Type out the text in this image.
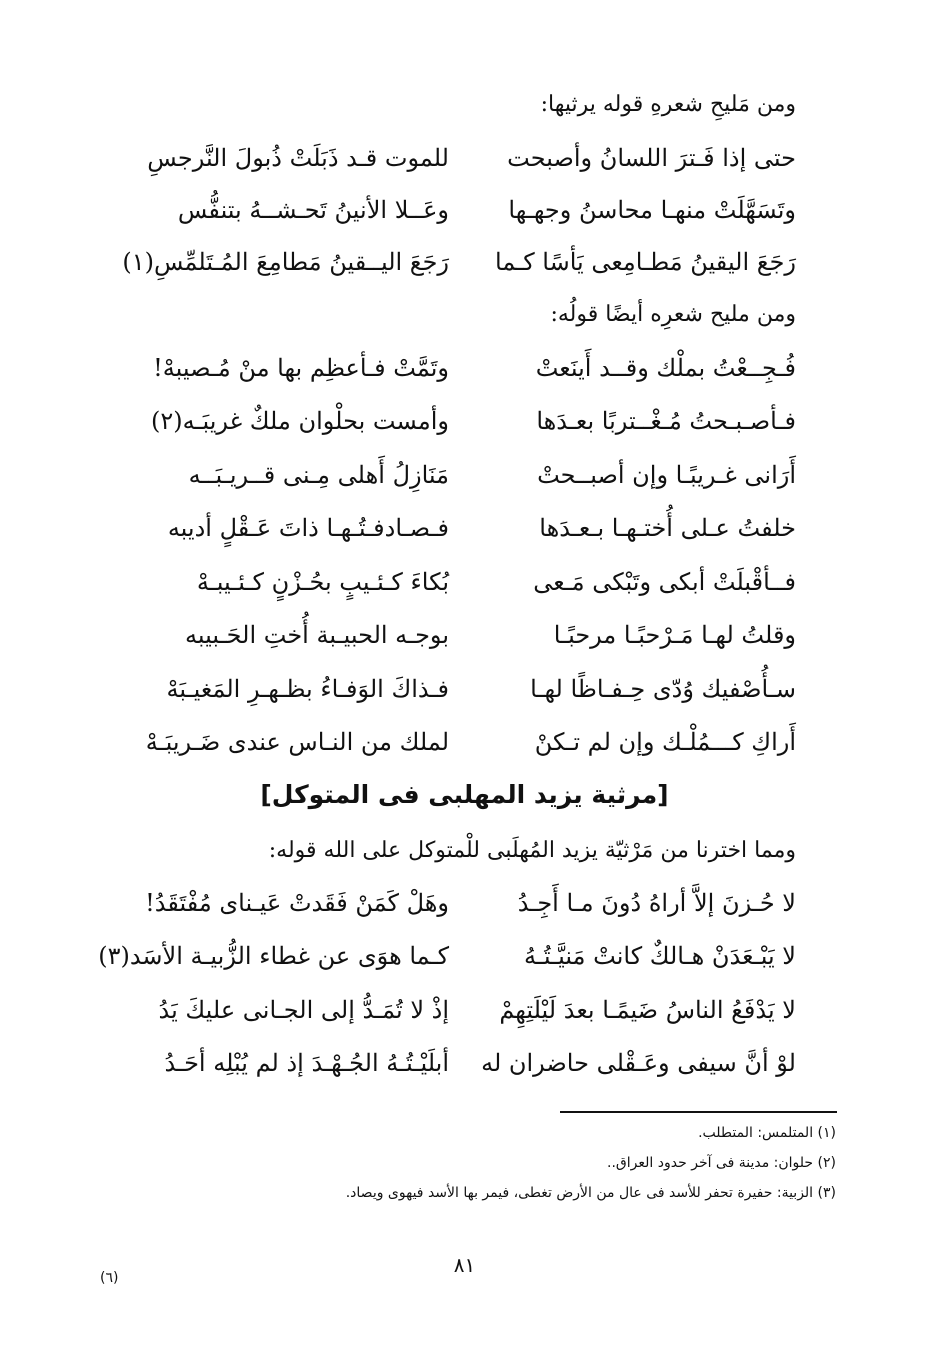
ومن مَليحِ شعرهِ قوله يرثيها:
حتى إذا فَـترَ اللسانُ وأصبحت
للموت قـد ذَبَلَتْ ذُبولَ النَّرجسِ
وتَسَهَّلَتْ منهـا محاسنُ وجهـها
وعَــلا الأنينُ تَحـشــهُ بتنفُّس
رَجَعَ اليقينُ مَطـامِعى يَأسًا كـما
رَجَعَ اليــقينُ مَطامِعَ المُـتَلمِّسِ(١)
ومن مليح شعرِه أيضًا قولُه:
فُـجِــعْتُ بملْك وقــد أَينَعتْ
وتَمَّتْ فـأعظِم بها منْ مُـصيبهْ!
فـأصـبـحتُ مُـغْــتربًا بعـدَها
وأمست بحلْوان ملكٌ غريبَـه(٢)
أَرَانى غـريبًـا وإن أصبــحتْ
مَنَازِلُ أَهلى مِـنى قــريـبَــه
خلفتُ عـلى أُختـهـا بـعـدَها
فـصـادفـتُـهـا ذاتَ عَـقْلٍ أديبه
فــأقْبلَتْ أبكى وتَبْكى مَـعى
بُكاءَ كـئـيبٍ بحُـزْنٍ كـئـيبـهْ
وقلتُ لهـا مَـرْحبًـا مرحبًـا
بوجـه الحبيـبة أُختِ الحَـبيبه
سـأُصْفيك وُدّى حِـفـاظًا لهـا
فـذاكَ الوَفـاءُ بظـهـرِ المَغيـبَهْ
أَراكِ كـــمُلْـك وإن لم تـكنْ
لملك من النـاس عندى ضَـريبَـهْ
[مرثية يزيد المهلبى فى المتوكل]
ومما اخترنا من مَرْثيّة يزيد المُهلَبى للْمتوكل على الله قوله:
لا حُـزنَ إلاَّ أراهُ دُونَ مـا أَجِـدُ
وهَلْ كَمَنْ فَقَدتْ عَيـناى مُفْتَقَدُ!
لا يَبْـعَدَنْ هـالكٌ كانتْ مَنيَّـتُـهُ
كـما هوَى عن غطاء الزُّبيـة الأسَد(٣)
لا يَدْفَعُ الناسُ ضَيمًـا بعدَ لَيْلَتِهِمْ
إذْ لا تُمَـدُّ إلى الجـانى عليكَ يَدُ
لوْ أنَّ سيفى وعَـقْلى حاضران له
أبلَيْـتُـهُ الجُـهْـدَ إذ لم يُبْلِه أحَـدُ
(١) المتلمس: المتطلب.
(٢) حلوان: مدينة فى آخر حدود العراق..
(٣) الزبية: حفيرة تحفر للأسد فى عال من الأرض تغطى، فيمر بها الأسد فيهوى ويصاد.
٨١
(٦)
